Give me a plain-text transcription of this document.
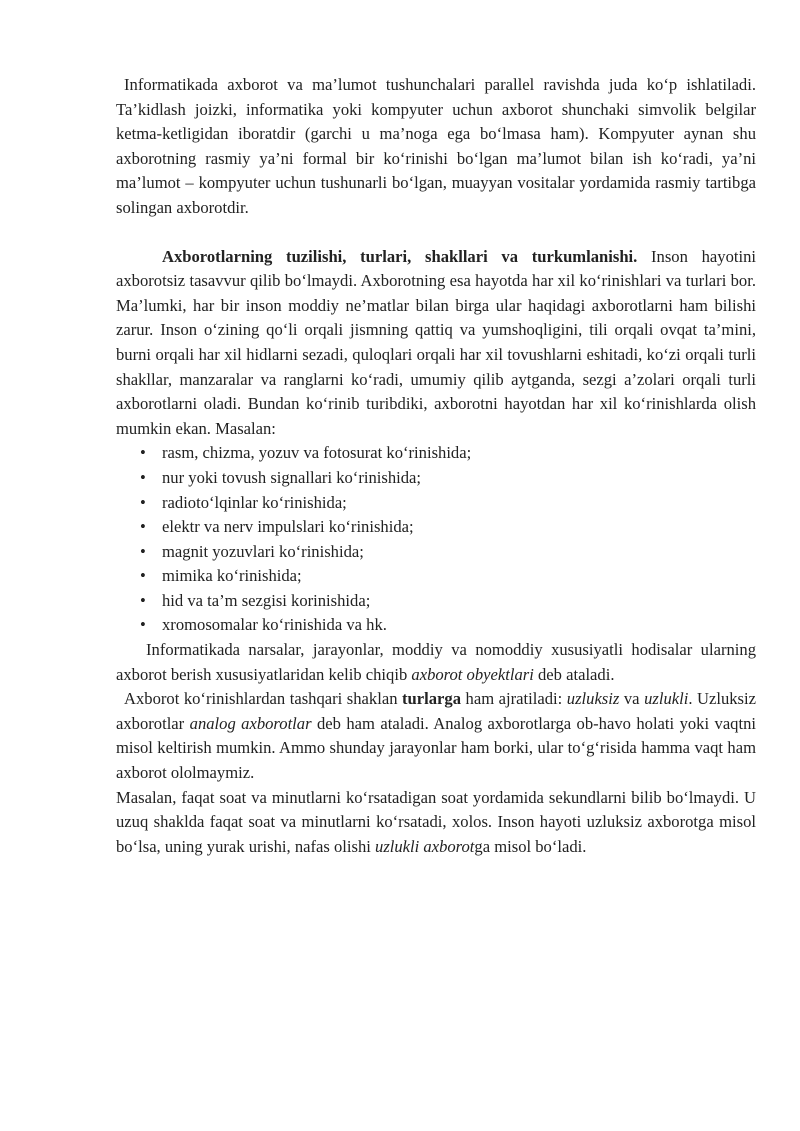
Informatikada axborot va ma’lumot tushunchalari parallel ravishda juda ko‘p ishlatiladi. Ta’kidlash joizki, informatika yoki kompyuter uchun axborot shunchaki simvolik belgilar ketma-ketligidan iboratdir (garchi u ma’noga ega bo‘lmasa ham). Kompyuter aynan shu axborotning rasmiy ya’ni formal bir ko‘rinishi bo‘lgan ma’lumot bilan ish ko‘radi, ya’ni ma’lumot – kompyuter uchun tushunarli bo‘lgan, muayyan vositalar yordamida rasmiy tartibga solingan axborotdir.

Axborotlarning tuzilishi, turlari, shakllari va turkumlanishi. Inson hayotini axborotsiz tasavvur qilib bo‘lmaydi. Axborotning esa hayotda har xil ko‘rinishlari va turlari bor. Ma’lumki, har bir inson moddiy ne’matlar bilan birga ular haqidagi axborotlarni ham bilishi zarur. Inson o‘zining qo‘li orqali jismning qattiq va yumshoqligini, tili orqali ovqat ta’mini, burni orqali har xil hidlarni sezadi, quloqlari orqali har xil tovushlarni eshitadi, ko‘zi orqali turli shakllar, manzaralar va ranglarni ko‘radi, umumiy qilib aytganda, sezgi a’zolari orqali turli axborotlarni oladi. Bundan ko‘rinib turibdiki, axborotni hayotdan har xil ko‘rinishlarda olish mumkin ekan. Masalan:

• rasm, chizma, yozuv va fotosurat ko‘rinishida;
• nur yoki tovush signallari ko‘rinishida;
• radioto‘lqinlar ko‘rinishida;
• elektr va nerv impulslari ko‘rinishida;
• magnit yozuvlari ko‘rinishida;
• mimika ko‘rinishida;
• hid va ta’m sezgisi korinishida;
• xromosomalar ko‘rinishida va hk.

Informatikada narsalar, jarayonlar, moddiy va nomoddiy xususiyatli hodisalar ularning axborot berish xususiyatlaridan kelib chiqib axborot obyektlari deb ataladi.

Axborot ko‘rinishlardan tashqari shaklan turlarga ham ajratiladi: uzluksiz va uzlukli. Uzluksiz axborotlar analog axborotlar deb ham ataladi. Analog axborotlarga ob-havo holati yoki vaqtni misol keltirish mumkin. Ammo shunday jarayonlar ham borki, ular to‘g‘risida hamma vaqt ham axborot ololmaymiz.

Masalan, faqat soat va minutlarni ko‘rsatadigan soat yordamida sekundlarni bilib bo‘lmaydi. U uzuq shaklda faqat soat va minutlarni ko‘rsatadi, xolos. Inson hayoti uzluksiz axborotga misol bo‘lsa, uning yurak urishi, nafas olishi uzlukli axborotga misol bo‘ladi.
